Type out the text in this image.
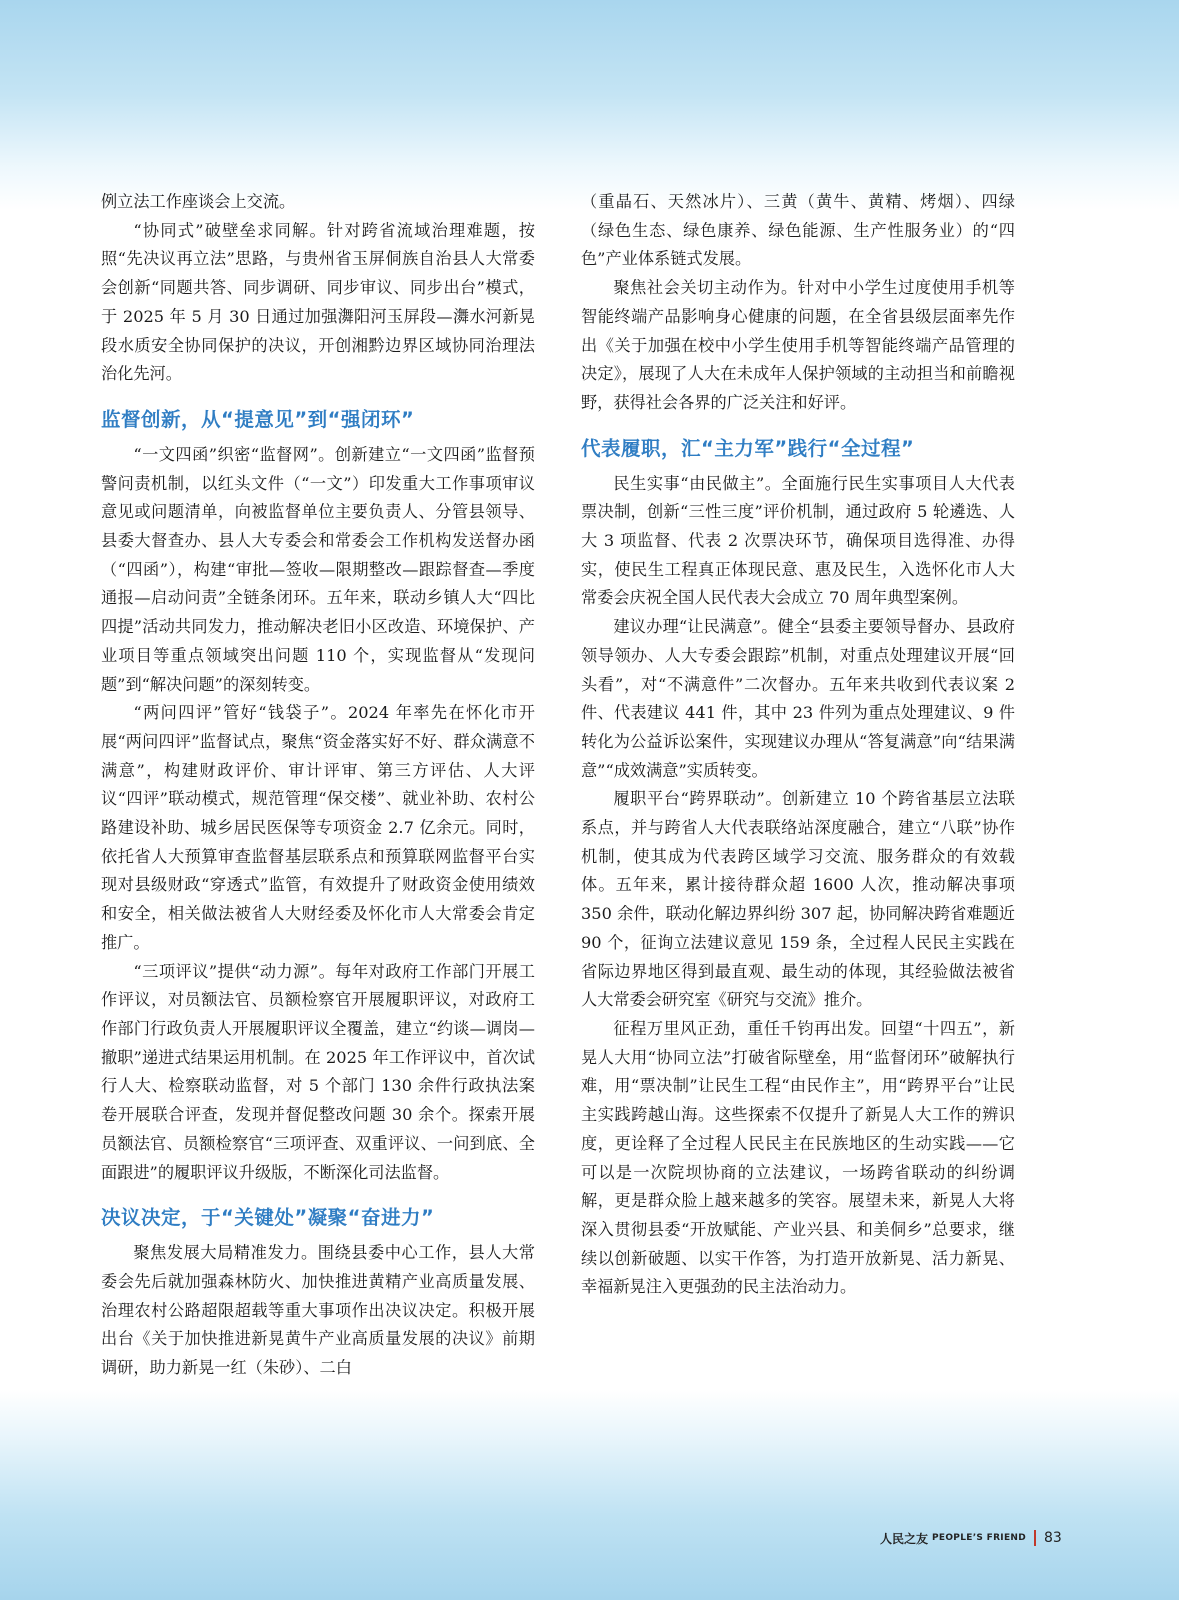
例立法工作座谈会上交流。

“协同式”破壁垒求同解。针对跨省流域治理难题，按照“先决议再立法”思路，与贵州省玉屏侗族自治县人大常委会创新“同题共答、同步调研、同步审议、同步出台”模式，于 2025 年 5 月 30 日通过加强㵲阳河玉屏段—㵲水河新晃段水质安全协同保护的决议，开创湘黔边界区域协同治理法治化先河。

监督创新，从“提意见”到“强闭环”

“一文四函”织密“监督网”。创新建立“一文四函”监督预警问责机制，以红头文件（“一文”）印发重大工作事项审议意见或问题清单，向被监督单位主要负责人、分管县领导、县委大督查办、县人大专委会和常委会工作机构发送督办函（“四函”），构建“审批—签收—限期整改—跟踪督查—季度通报—启动问责”全链条闭环。五年来，联动乡镇人大“四比四提”活动共同发力，推动解决老旧小区改造、环境保护、产业项目等重点领域突出问题 110 个，实现监督从“发现问题”到“解决问题”的深刻转变。

“两问四评”管好“钱袋子”。2024 年率先在怀化市开展“两问四评”监督试点，聚焦“资金落实好不好、群众满意不满意”，构建财政评价、审计评审、第三方评估、人大评议“四评”联动模式，规范管理“保交楼”、就业补助、农村公路建设补助、城乡居民医保等专项资金 2.7 亿余元。同时，依托省人大预算审查监督基层联系点和预算联网监督平台实现对县级财政“穿透式”监管，有效提升了财政资金使用绩效和安全，相关做法被省人大财经委及怀化市人大常委会肯定推广。

“三项评议”提供“动力源”。每年对政府工作部门开展工作评议，对员额法官、员额检察官开展履职评议，对政府工作部门行政负责人开展履职评议全覆盖，建立“约谈—调岗—撤职”递进式结果运用机制。在 2025 年工作评议中，首次试行人大、检察联动监督，对 5 个部门 130 余件行政执法案卷开展联合评查，发现并督促整改问题 30 余个。探索开展员额法官、员额检察官“三项评查、双重评议、一问到底、全面跟进”的履职评议升级版，不断深化司法监督。

决议决定，于“关键处”凝聚“奋进力”

聚焦发展大局精准发力。围绕县委中心工作，县人大常委会先后就加强森林防火、加快推进黄精产业高质量发展、治理农村公路超限超载等重大事项作出决议决定。积极开展出台《关于加快推进新晃黄牛产业高质量发展的决议》前期调研，助力新晃一红（朱砂）、二白

（重晶石、天然冰片）、三黄（黄牛、黄精、烤烟）、四绿（绿色生态、绿色康养、绿色能源、生产性服务业）的“四色”产业体系链式发展。

聚焦社会关切主动作为。针对中小学生过度使用手机等智能终端产品影响身心健康的问题，在全省县级层面率先作出《关于加强在校中小学生使用手机等智能终端产品管理的决定》，展现了人大在未成年人保护领域的主动担当和前瞻视野，获得社会各界的广泛关注和好评。

代表履职，汇“主力军”践行“全过程”

民生实事“由民做主”。全面施行民生实事项目人大代表票决制，创新“三性三度”评价机制，通过政府 5 轮遴选、人大 3 项监督、代表 2 次票决环节，确保项目选得准、办得实，使民生工程真正体现民意、惠及民生，入选怀化市人大常委会庆祝全国人民代表大会成立 70 周年典型案例。

建议办理“让民满意”。健全“县委主要领导督办、县政府领导领办、人大专委会跟踪”机制，对重点处理建议开展“回头看”，对“不满意件”二次督办。五年来共收到代表议案 2 件、代表建议 441 件，其中 23 件列为重点处理建议、9 件转化为公益诉讼案件，实现建议办理从“答复满意”向“结果满意”“成效满意”实质转变。

履职平台“跨界联动”。创新建立 10 个跨省基层立法联系点，并与跨省人大代表联络站深度融合，建立“八联”协作机制，使其成为代表跨区域学习交流、服务群众的有效载体。五年来，累计接待群众超 1600 人次，推动解决事项 350 余件，联动化解边界纠纷 307 起，协同解决跨省难题近 90 个，征询立法建议意见 159 条，全过程人民民主实践在省际边界地区得到最直观、最生动的体现，其经验做法被省人大常委会研究室《研究与交流》推介。

征程万里风正劲，重任千钧再出发。回望“十四五”，新晃人大用“协同立法”打破省际壁垒，用“监督闭环”破解执行难，用“票决制”让民生工程“由民作主”，用“跨界平台”让民主实践跨越山海。这些探索不仅提升了新晃人大工作的辨识度，更诠释了全过程人民民主在民族地区的生动实践——它可以是一次院坝协商的立法建议，一场跨省联动的纠纷调解，更是群众脸上越来越多的笑容。展望未来，新晃人大将深入贯彻县委“开放赋能、产业兴县、和美侗乡”总要求，继续以创新破题、以实干作答，为打造开放新晃、活力新晃、幸福新晃注入更强劲的民主法治动力。

人民之友 PEOPLE’S FRIEND 83
